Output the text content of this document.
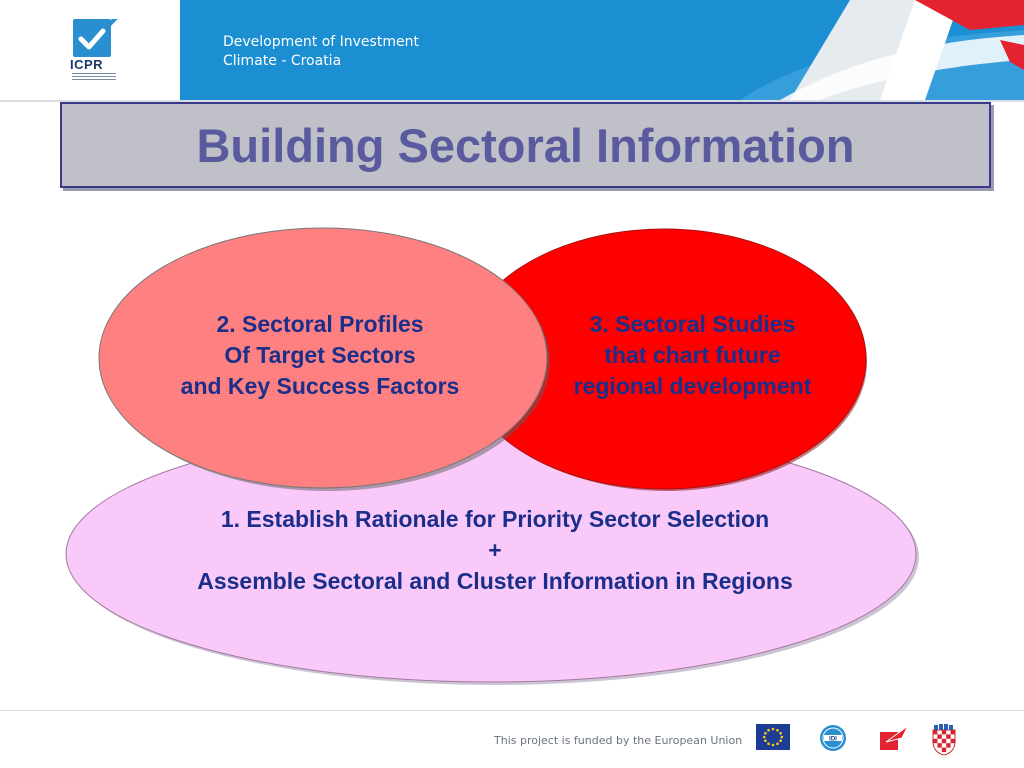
ICPR
Development of Investment
Climate - Croatia
Building Sectoral Information
1. Establish Rationale for Priority Sector Selection
+
Assemble Sectoral and Cluster Information in Regions
2. Sectoral Profiles
Of Target Sectors
and Key Success Factors
3. Sectoral Studies
that chart future
regional development
This project is funded by the European Union	IDI
